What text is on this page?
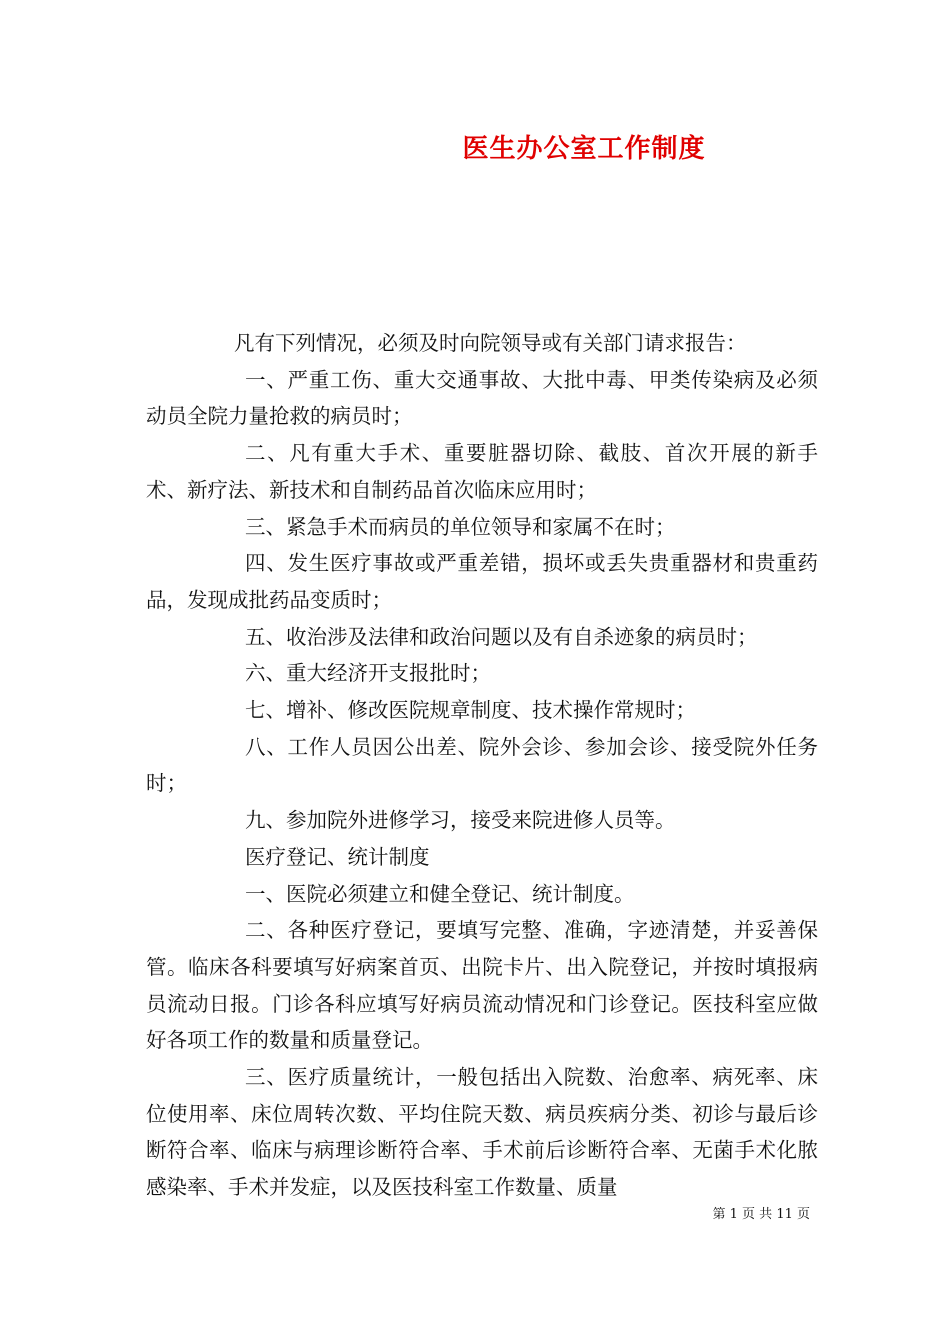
医生办公室工作制度

凡有下列情况，必须及时向院领导或有关部门请求报告：

一、严重工伤、重大交通事故、大批中毒、甲类传染病及必须动员全院力量抢救的病员时；

二、凡有重大手术、重要脏器切除、截肢、首次开展的新手术、新疗法、新技术和自制药品首次临床应用时；

三、紧急手术而病员的单位领导和家属不在时；

四、发生医疗事故或严重差错，损坏或丢失贵重器材和贵重药品，发现成批药品变质时；

五、收治涉及法律和政治问题以及有自杀迹象的病员时；

六、重大经济开支报批时；

七、增补、修改医院规章制度、技术操作常规时；

八、工作人员因公出差、院外会诊、参加会诊、接受院外任务时；

九、参加院外进修学习，接受来院进修人员等。

医疗登记、统计制度

一、医院必须建立和健全登记、统计制度。

二、各种医疗登记，要填写完整、准确，字迹清楚，并妥善保管。临床各科要填写好病案首页、出院卡片、出入院登记，并按时填报病员流动日报。门诊各科应填写好病员流动情况和门诊登记。医技科室应做好各项工作的数量和质量登记。

三、医疗质量统计，一般包括出入院数、治愈率、病死率、床位使用率、床位周转次数、平均住院天数、病员疾病分类、初诊与最后诊断符合率、临床与病理诊断符合率、手术前后诊断符合率、无菌手术化脓感染率、手术并发症，以及医技科室工作数量、质量

第 1 页 共 11 页
